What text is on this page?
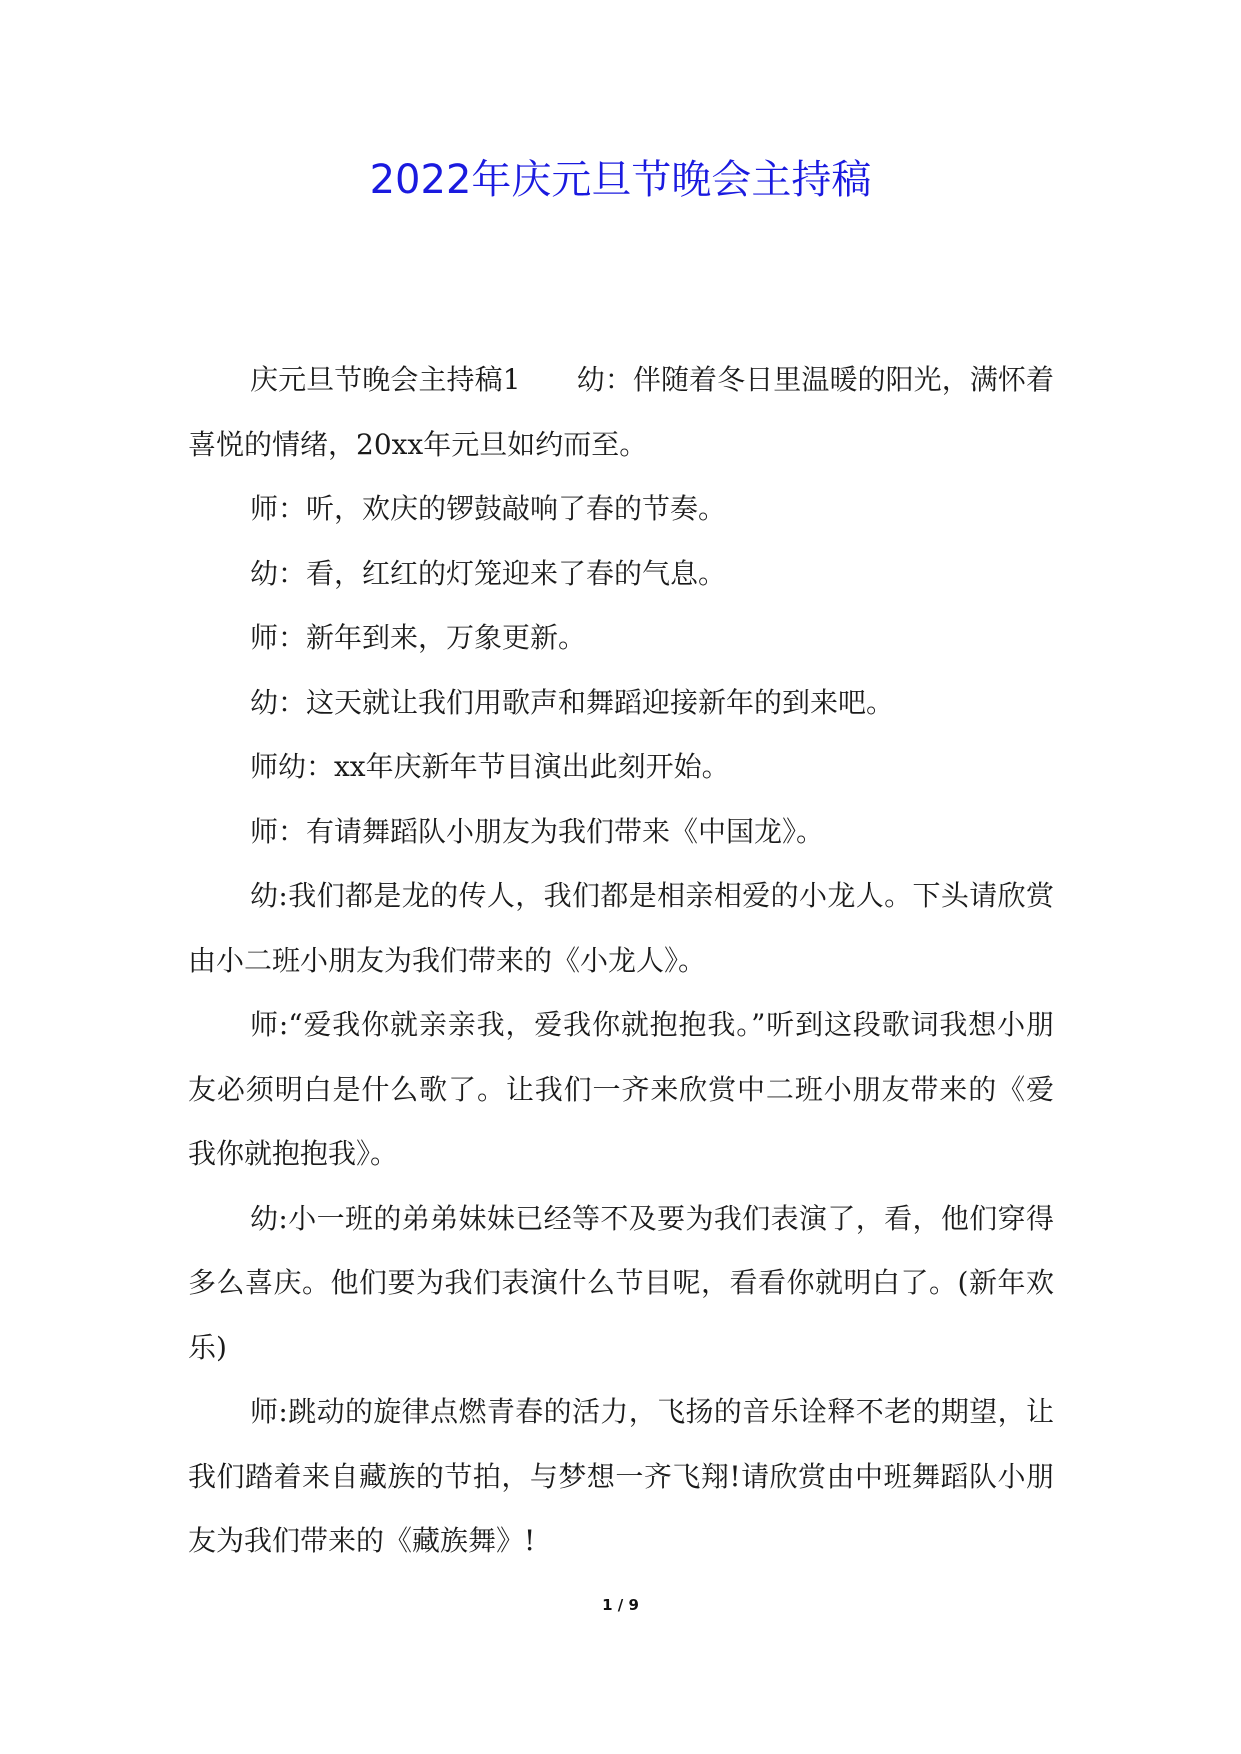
2022年庆元旦节晚会主持稿

庆元旦节晚会主持稿1　　幼：伴随着冬日里温暖的阳光，满怀着喜悦的情绪，20xx年元旦如约而至。

师：听，欢庆的锣鼓敲响了春的节奏。

幼：看，红红的灯笼迎来了春的气息。

师：新年到来，万象更新。

幼：这天就让我们用歌声和舞蹈迎接新年的到来吧。

师幼：xx年庆新年节目演出此刻开始。

师：有请舞蹈队小朋友为我们带来《中国龙》。

幼:我们都是龙的传人，我们都是相亲相爱的小龙人。下头请欣赏由小二班小朋友为我们带来的《小龙人》。

师:“爱我你就亲亲我，爱我你就抱抱我。”听到这段歌词我想小朋友必须明白是什么歌了。让我们一齐来欣赏中二班小朋友带来的《爱我你就抱抱我》。

幼:小一班的弟弟妹妹已经等不及要为我们表演了，看，他们穿得多么喜庆。他们要为我们表演什么节目呢，看看你就明白了。(新年欢乐)

师:跳动的旋律点燃青春的活力，飞扬的音乐诠释不老的期望，让我们踏着来自藏族的节拍，与梦想一齐飞翔!请欣赏由中班舞蹈队小朋友为我们带来的《藏族舞》!

1 / 9
